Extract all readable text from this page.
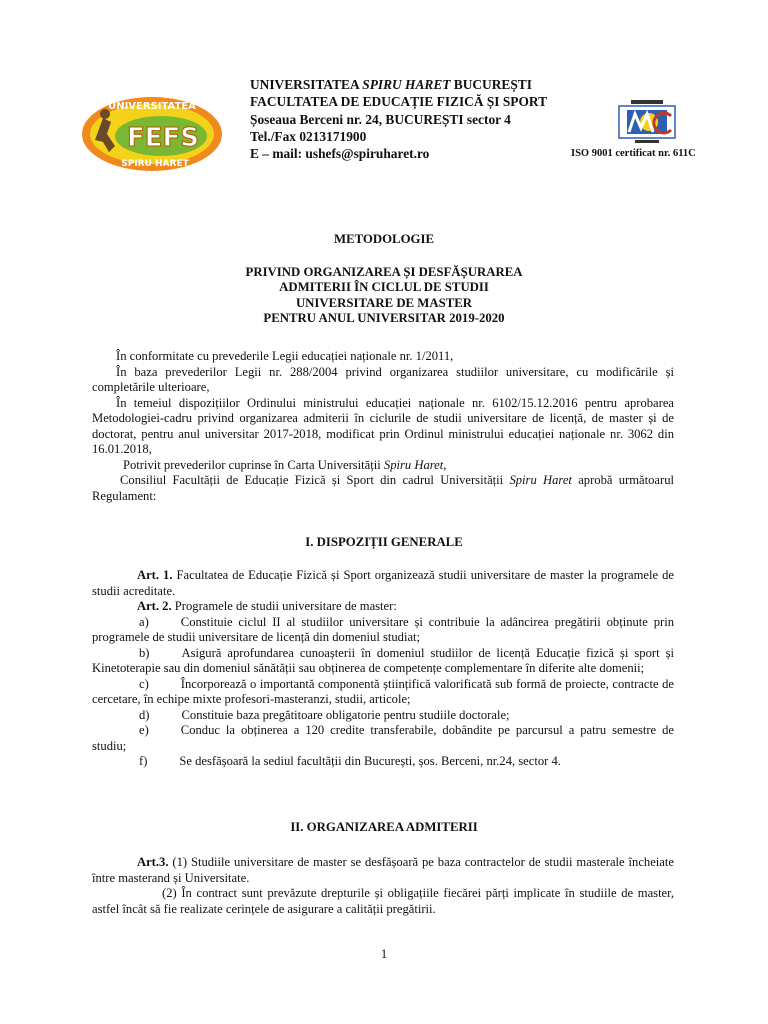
UNIVERSITATEA
FEFS
SPIRU HARET
UNIVERSITATEA SPIRU HARET BUCUREȘTI
FACULTATEA DE EDUCAȚIE FIZICĂ ȘI SPORT
Șoseaua Berceni nr. 24, BUCUREȘTI sector 4
Tel./Fax 0213171900
E – mail: ushefs@spiruharet.ro	ISO 9001 certificat nr. 611C
METODOLOGIE
PRIVIND ORGANIZAREA ȘI DESFĂȘURAREA
ADMITERII ÎN CICLUL DE STUDII
UNIVERSITARE DE MASTER
PENTRU ANUL UNIVERSITAR 2019-2020

În conformitate cu prevederile Legii educației naționale nr. 1/2011,

În baza prevederilor Legii nr. 288/2004 privind organizarea studiilor universitare, cu modificările și completările ulterioare,

În temeiul dispozițiilor Ordinului ministrului educației naționale nr. 6102/15.12.2016 pentru aprobarea Metodologiei-cadru privind organizarea admiterii în ciclurile de studii universitare de licență, de master și de doctorat, pentru anul universitar 2017-2018, modificat prin Ordinul ministrului educației naționale nr. 3062 din 16.01.2018,

Potrivit prevederilor cuprinse în Carta Universității Spiru Haret,

Consiliul Facultății de Educație Fizică și Sport din cadrul Universității Spiru Haret aprobă următoarul Regulament:

I. DISPOZIȚII GENERALE

Art. 1. Facultatea de Educație Fizică și Sport organizează studii universitare de master la programele de studii acreditate.

Art. 2. Programele de studii universitare de master:

a)	Constituie ciclul II al studiilor universitare și contribuie la adâncirea pregătirii obținute prin programele de studii universitare de licență din domeniul studiat;

b)	Asigură aprofundarea cunoașterii în domeniul studiilor de licență Educație fizică și sport și Kinetoterapie sau din domeniul sănătății sau obținerea de competențe complementare în diferite alte domenii;

c)	Încorporează o importantă componentă științifică valorificată sub formă de proiecte, contracte de cercetare, în echipe mixte profesori-masteranzi, studii, articole;

d)	Constituie baza pregătitoare obligatorie pentru studiile doctorale;

e)	Conduc la obținerea a 120 credite transferabile, dobândite pe parcursul a patru semestre de studiu;

f)	Se desfășoară la sediul facultății din București, șos. Berceni, nr.24, sector 4.

II. ORGANIZAREA ADMITERII

Art.3. (1) Studiile universitare de master se desfășoară pe baza contractelor de studii masterale încheiate între masterand și Universitate.

(2) În contract sunt prevăzute drepturile și obligațiile fiecărei părți implicate în studiile de master, astfel încât să fie realizate cerințele de asigurare a calității pregătirii.

1
